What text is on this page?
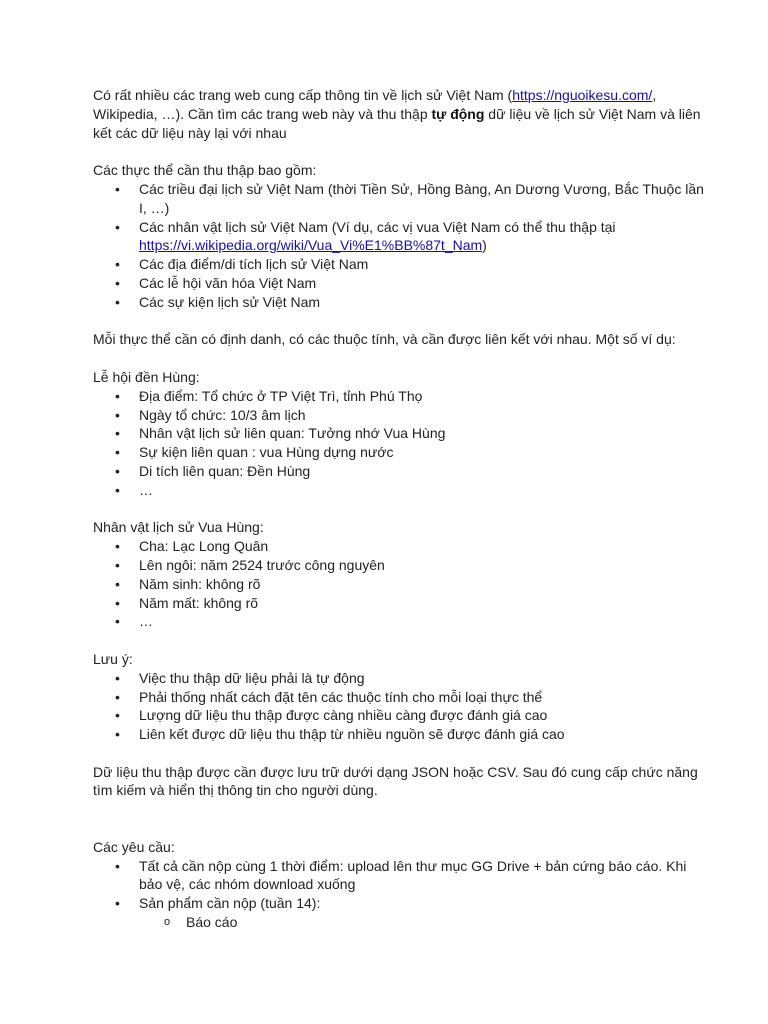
Có rất nhiều các trang web cung cấp thông tin về lịch sử Việt Nam (https://nguoikesu.com/, Wikipedia, …). Cần tìm các trang web này và thu thập tự động dữ liệu về lịch sử Việt Nam và liên kết các dữ liệu này lại với nhau

Các thực thể cần thu thập bao gồm:

• Các triều đại lịch sử Việt Nam (thời Tiền Sử, Hồng Bàng, An Dương Vương, Bắc Thuộc lần I, …)
• Các nhân vật lịch sử Việt Nam (Ví dụ, các vị vua Việt Nam có thể thu thập tại https://vi.wikipedia.org/wiki/Vua_Vi%E1%BB%87t_Nam)
• Các địa điểm/di tích lịch sử Việt Nam
• Các lễ hội văn hóa Việt Nam
• Các sự kiện lịch sử Việt Nam

Mỗi thực thể cần có định danh, có các thuộc tính, và cần được liên kết với nhau. Một số ví dụ:

Lễ hội đền Hùng:

• Địa điểm: Tổ chức ở TP Việt Trì, tỉnh Phú Thọ
• Ngày tổ chức: 10/3 âm lịch
• Nhân vật lịch sử liên quan: Tưởng nhớ Vua Hùng
• Sự kiện liên quan : vua Hùng dựng nước
• Di tích liên quan: Đền Hùng
• …

Nhân vật lịch sử Vua Hùng:

• Cha: Lạc Long Quân
• Lên ngôi: năm 2524 trước công nguyên
• Năm sinh: không rõ
• Năm mất: không rõ
• …

Lưu ý:

• Việc thu thập dữ liệu phải là tự động
• Phải thống nhất cách đặt tên các thuộc tính cho mỗi loại thực thể
• Lượng dữ liệu thu thập được càng nhiều càng được đánh giá cao
• Liên kết được dữ liệu thu thập từ nhiều nguồn sẽ được đánh giá cao

Dữ liệu thu thập được cần được lưu trữ dưới dạng JSON hoặc CSV. Sau đó cung cấp chức năng tìm kiếm và hiển thị thông tin cho người dùng.

Các yêu cầu:

• Tất cả cần nộp cùng 1 thời điểm: upload lên thư mục GG Drive + bản cứng báo cáo. Khi bảo vệ, các nhóm download xuống
• Sản phẩm cần nộp (tuần 14):
o Báo cáo
